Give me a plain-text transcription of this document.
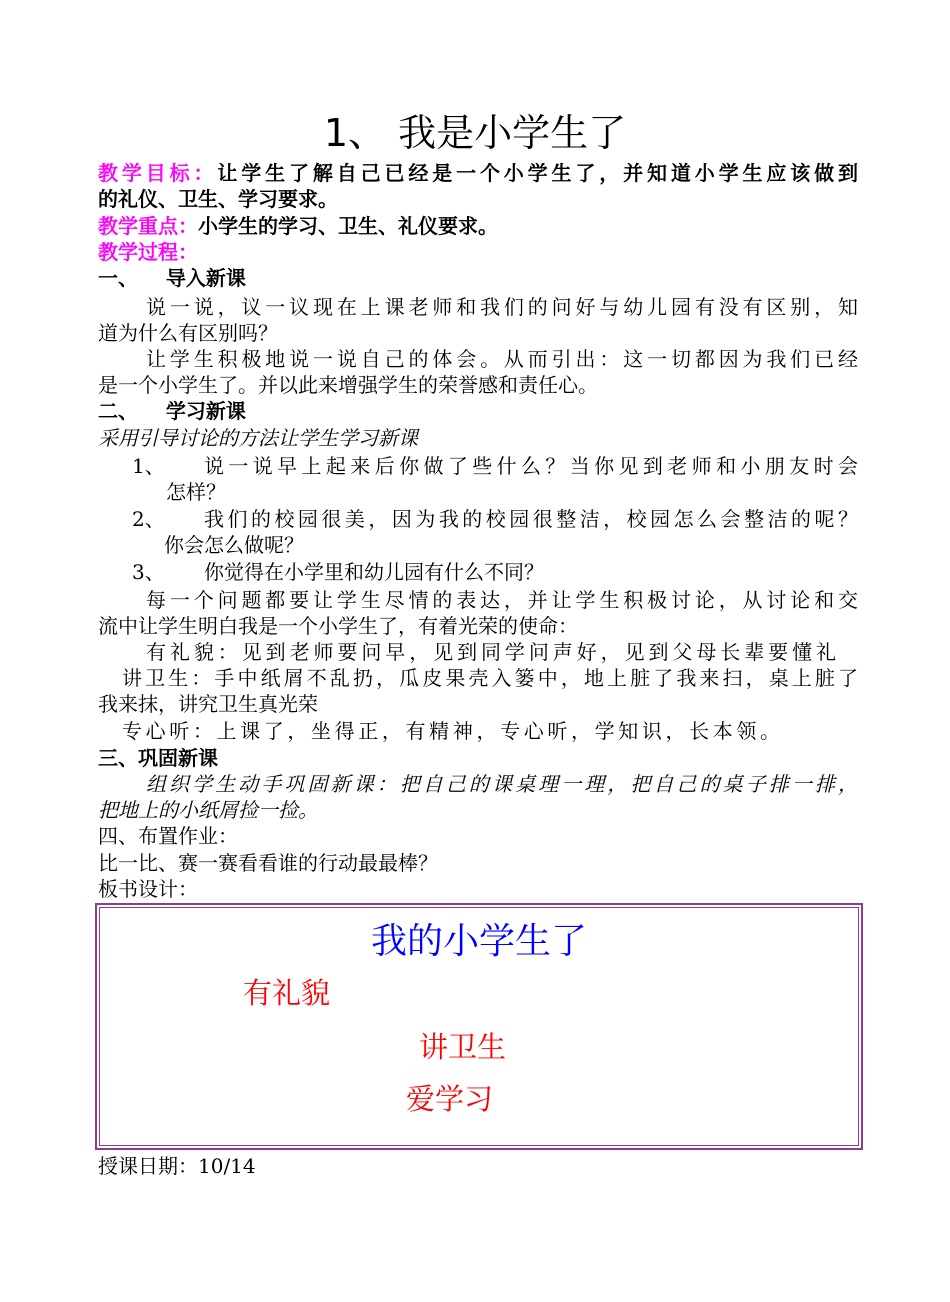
1、 我是小学生了
教学目标：让学生了解自己已经是一个小学生了，并知道小学生应该做到
的礼仪、卫生、学习要求。
教学重点：小学生的学习、卫生、礼仪要求。
教学过程：
一、    导入新课
说一说，议一议现在上课老师和我们的问好与幼儿园有没有区别，知
道为什么有区别吗？
让学生积极地说一说自己的体会。从而引出：这一切都因为我们已经
是一个小学生了。并以此来增强学生的荣誉感和责任心。
二、    学习新课
采用引导讨论的方法让学生学习新课
1、	说一说早上起来后你做了些什么？当你见到老师和小朋友时会
怎样？
2、	我们的校园很美，因为我的校园很整洁，校园怎么会整洁的呢？
你会怎么做呢？
3、	你觉得在小学里和幼儿园有什么不同？
每一个问题都要让学生尽情的表达，并让学生积极讨论，从讨论和交
流中让学生明白我是一个小学生了，有着光荣的使命：
有礼貌：见到老师要问早，见到同学问声好，见到父母长辈要懂礼
讲卫生：手中纸屑不乱扔，瓜皮果壳入篓中，地上脏了我来扫，桌上脏了
我来抹，讲究卫生真光荣
专心听：上课了，坐得正，有精神，专心听，学知识，长本领。
三、巩固新课
组织学生动手巩固新课：把自己的课桌理一理，把自己的桌子排一排，
把地上的小纸屑捡一捡。
四、布置作业：
比一比、赛一赛看看谁的行动最最棒？
板书设计：
我的小学生了
有礼貌
讲卫生
爱学习
授课日期：10/14
